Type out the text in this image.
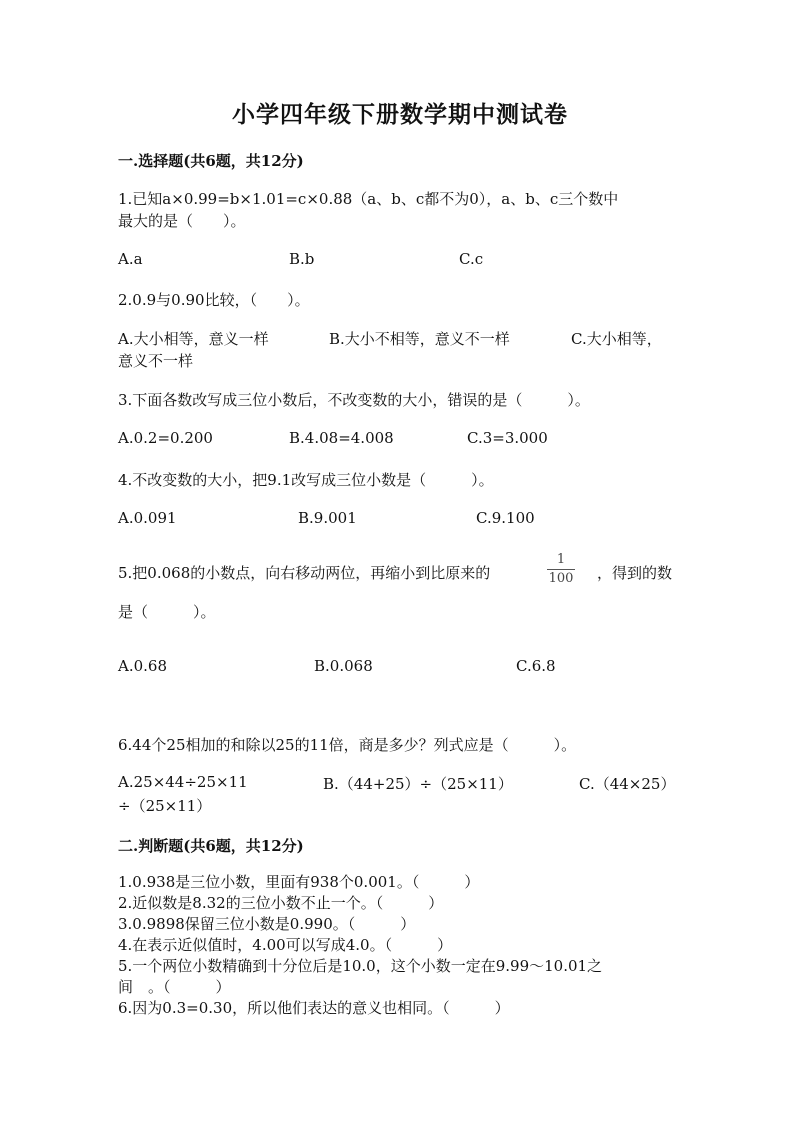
小学四年级下册数学期中测试卷
一.选择题(共6题，共12分)
1.已知a×0.99=b×1.01=c×0.88（a、b、c都不为0），a、b、c三个数中
最大的是（　　）。
A.a	B.b	C.c
2.0.9与0.90比较，（　　）。
A.大小相等，意义一样	B.大小不相等，意义不一样	C.大小相等，
意义不一样
3.下面各数改写成三位小数后，不改变数的大小，错误的是（　　　）。
A.0.2=0.200	B.4.08=4.008	C.3=3.000
4.不改变数的大小，把9.1改写成三位小数是（　　　）。
A.0.091	B.9.001	C.9.100
5.把0.068的小数点，向右移动两位，再缩小到比原来的
1
100 ，得到的数
是（　　　）。
A.0.68	B.0.068	C.6.8
6.44个25相加的和除以25的11倍，商是多少？列式应是（　　　）。
A.25×44÷25×11	B.（44+25）÷（25×11）	C.（44×25）
÷（25×11）
二.判断题(共6题，共12分)
1.0.938是三位小数，里面有938个0.001。（　　　）
2.近似数是8.32的三位小数不止一个。（　　　）
3.0.9898保留三位小数是0.990。（　　　）
4.在表示近似值时，4.00可以写成4.0。（　　　）
5.一个两位小数精确到十分位后是10.0，这个小数一定在9.99～10.01之
间　。（　　　）
6.因为0.3=0.30，所以他们表达的意义也相同。（　　　）
